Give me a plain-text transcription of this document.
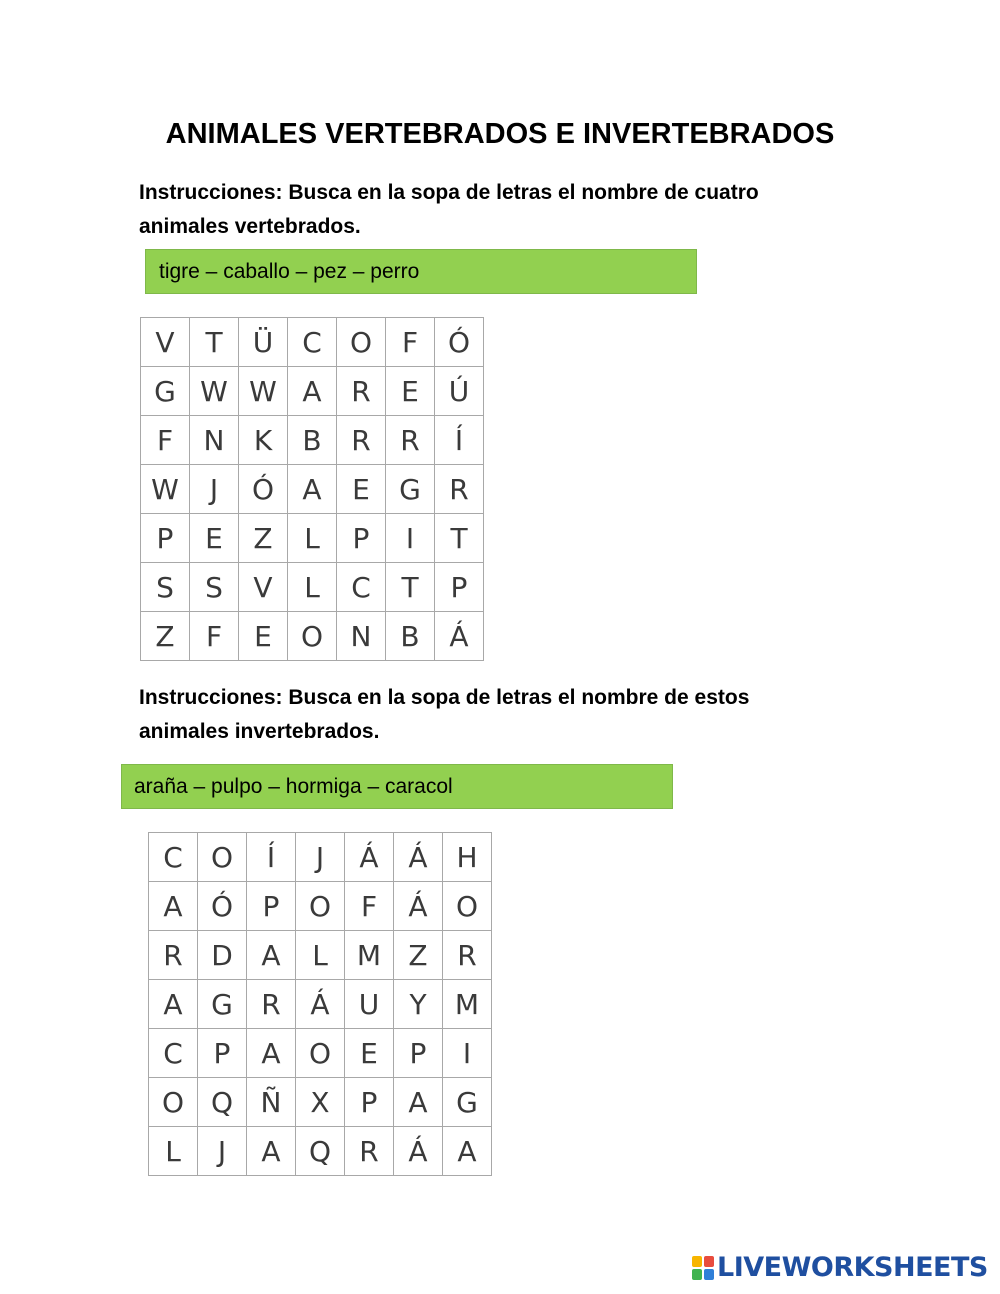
ANIMALES VERTEBRADOS E INVERTEBRADOS
Instrucciones: Busca en la sopa de letras el nombre de cuatro
animales vertebrados.
tigre – caballo – pez – perro
V	T	Ü	C	O	F	Ó
G	W	W	A	R	E	Ú
F	N	K	B	R	R	Í
W	J	Ó	A	E	G	R
P	E	Z	L	P	I	T
S	S	V	L	C	T	P
Z	F	E	O	N	B	Á
Instrucciones: Busca en la sopa de letras el nombre de estos
animales invertebrados.
araña – pulpo – hormiga – caracol
C	O	Í	J	Á	Á	H
A	Ó	P	O	F	Á	O
R	D	A	L	M	Z	R
A	G	R	Á	U	Y	M
C	P	A	O	E	P	I
O	Q	Ñ	X	P	A	G
L	J	A	Q	R	Á	A
LIVEWORKSHEETS
